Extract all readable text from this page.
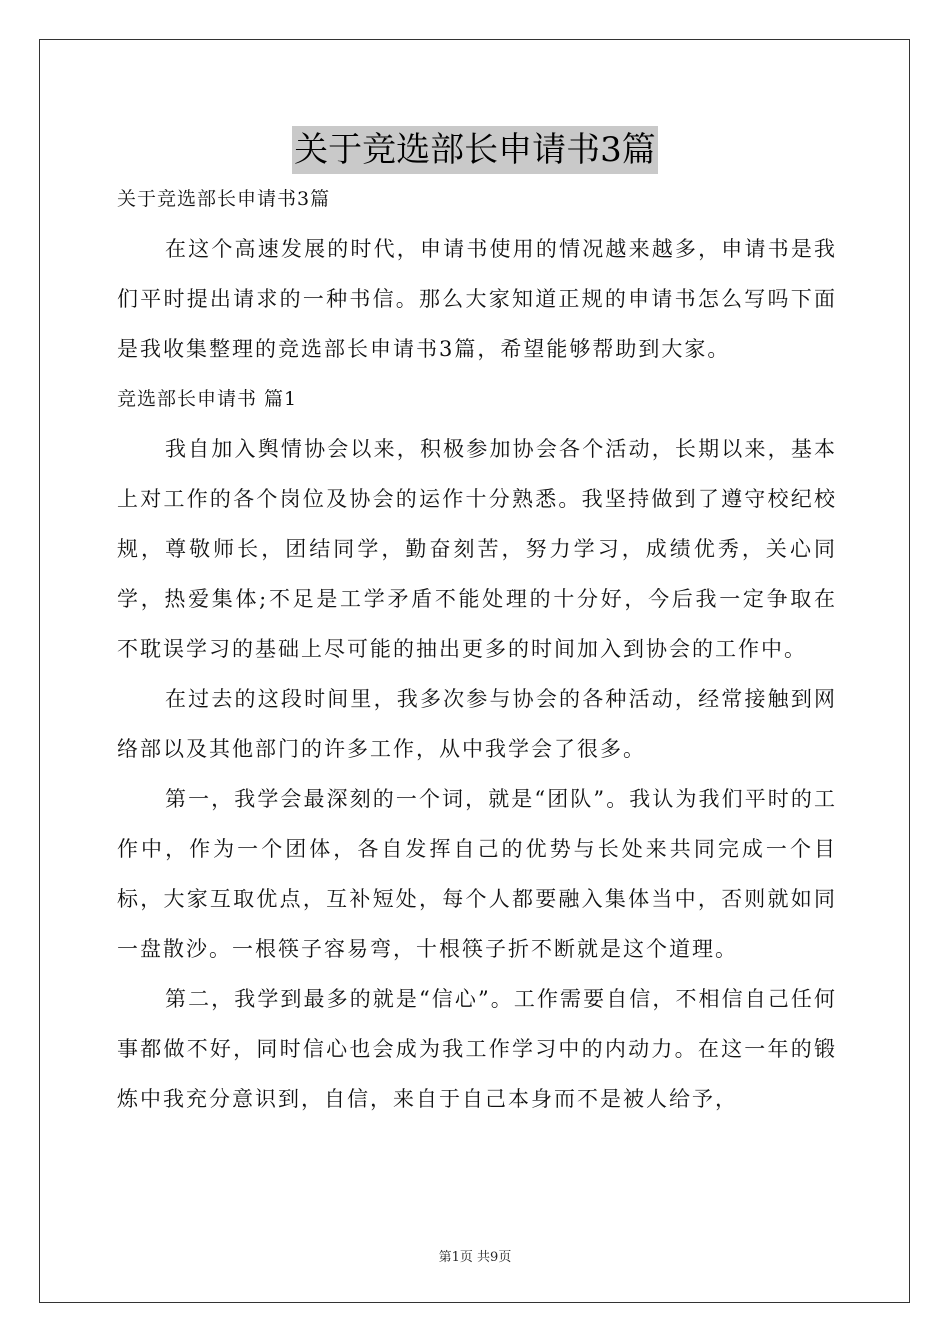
关于竞选部长申请书3篇
关于竞选部长申请书3篇

在这个高速发展的时代，申请书使用的情况越来越多，申请书是我们平时提出请求的一种书信。那么大家知道正规的申请书怎么写吗下面是我收集整理的竞选部长申请书3篇，希望能够帮助到大家。

竞选部长申请书 篇1

我自加入舆情协会以来，积极参加协会各个活动，长期以来，基本上对工作的各个岗位及协会的运作十分熟悉。我坚持做到了遵守校纪校规，尊敬师长，团结同学，勤奋刻苦，努力学习，成绩优秀，关心同学，热爱集体;不足是工学矛盾不能处理的十分好，今后我一定争取在不耽误学习的基础上尽可能的抽出更多的时间加入到协会的工作中。

在过去的这段时间里，我多次参与协会的各种活动，经常接触到网络部以及其他部门的许多工作，从中我学会了很多。

第一，我学会最深刻的一个词，就是“团队”。我认为我们平时的工作中，作为一个团体，各自发挥自己的优势与长处来共同完成一个目标，大家互取优点，互补短处，每个人都要融入集体当中，否则就如同一盘散沙。一根筷子容易弯，十根筷子折不断就是这个道理。

第二，我学到最多的就是“信心”。工作需要自信，不相信自己任何事都做不好，同时信心也会成为我工作学习中的内动力。在这一年的锻炼中我充分意识到，自信，来自于自己本身而不是被人给予，

第1页 共9页
